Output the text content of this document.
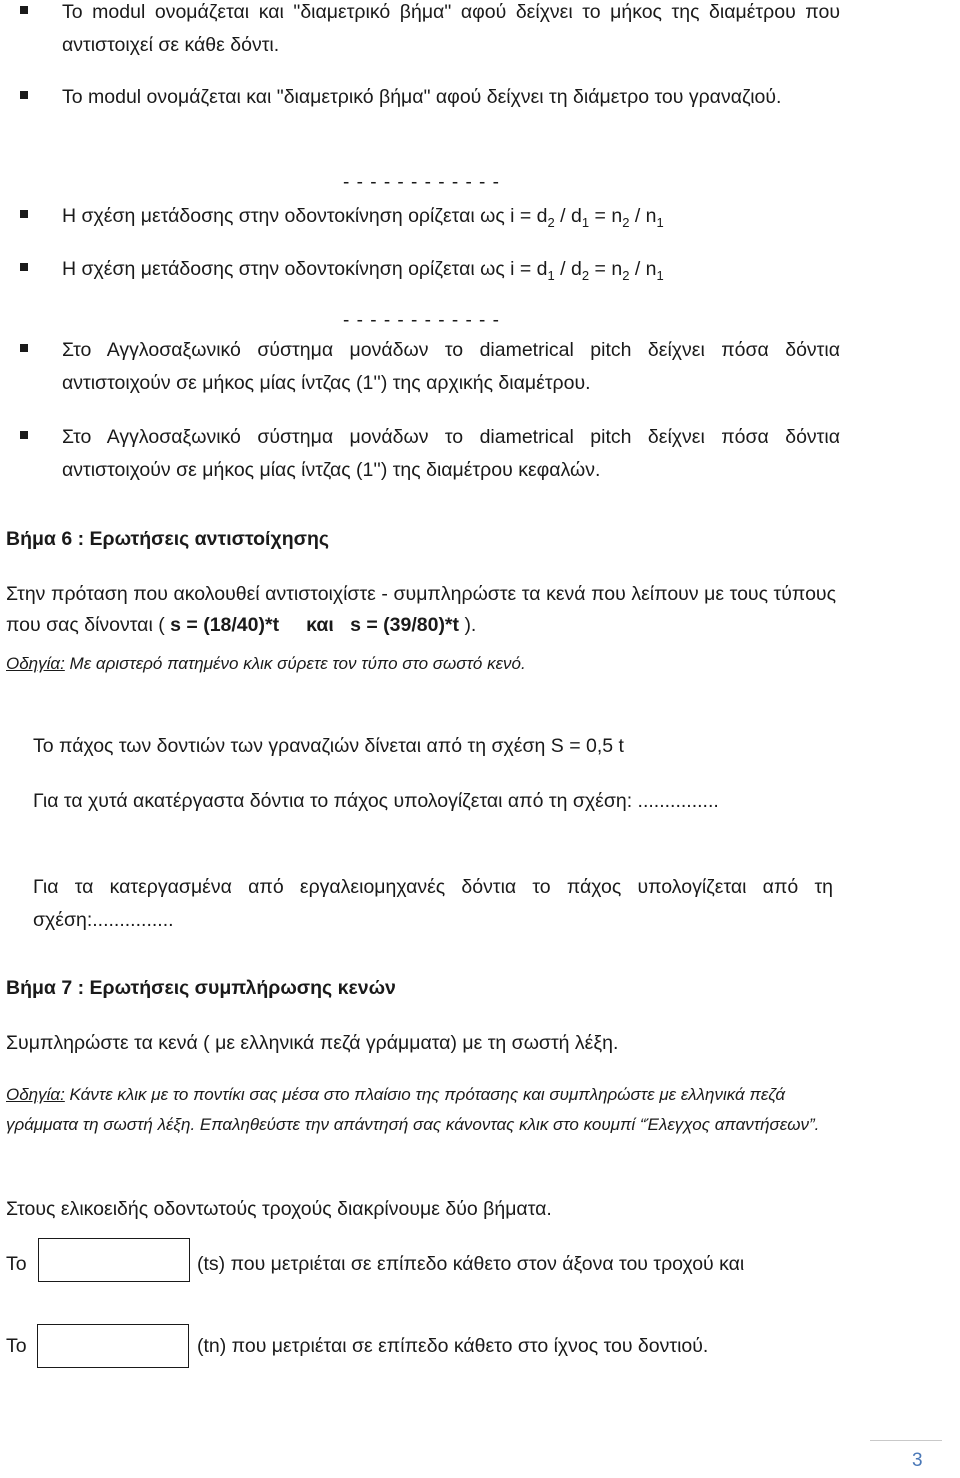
Το modul ονομάζεται και "διαμετρικό βήμα" αφού δείχνει το μήκος της διαμέτρου που αντιστοιχεί σε κάθε δόντι.
Το modul ονομάζεται και "διαμετρικό βήμα" αφού δείχνει τη διάμετρο του γραναζιού.
- - - - - - - - - - - -
Η σχέση μετάδοσης στην οδοντοκίνηση ορίζεται ως $i = d_2 / d_1 = n_2 / n_1$
Η σχέση μετάδοσης στην οδοντοκίνηση ορίζεται ως $i = d_1 / d_2 = n_2 / n_1$
- - - - - - - - - - - -
Στο Αγγλοσαξωνικό σύστημα μονάδων το diametrical pitch δείχνει πόσα δόντια αντιστοιχούν σε μήκος μίας ίντζας (1'') της αρχικής διαμέτρου.
Στο Αγγλοσαξωνικό σύστημα μονάδων το diametrical pitch δείχνει πόσα δόντια αντιστοιχούν σε μήκος μίας ίντζας (1'') της διαμέτρου κεφαλών.
Βήμα 6 : Ερωτήσεις αντιστοίχησης
Στην πρόταση που ακολουθεί αντιστοιχίστε - συμπληρώστε τα κενά που λείπουν με τους τύπους που σας δίνονται ( s = (18/40)*t και s = (39/80)*t ).
Οδηγία: Με αριστερό πατημένο κλικ σύρετε τον τύπο στο σωστό κενό.
Το πάχος των δοντιών των γραναζιών δίνεται από τη σχέση S = 0,5 t
Για τα χυτά ακατέργαστα δόντια το πάχος υπολογίζεται από τη σχέση: ...............
Για τα κατεργασμένα από εργαλειομηχανές δόντια το πάχος υπολογίζεται από τη σχέση:...............
Βήμα 7 : Ερωτήσεις συμπλήρωσης κενών
Συμπληρώστε τα κενά ( με ελληνικά πεζά γράμματα) με τη σωστή λέξη.
Οδηγία: Κάντε κλικ με το ποντίκι σας μέσα στο πλαίσιο της πρότασης και συμπληρώστε με ελληνικά πεζά γράμματα τη σωστή λέξη. Επαληθεύστε την απάντησή σας κάνοντας κλικ στο κουμπί “Έλεγχος απαντήσεων”.
Στους ελικοειδής οδοντωτούς τροχούς διακρίνουμε δύο βήματα.
Το	(ts) που μετριέται σε επίπεδο κάθετο στον άξονα του τροχού και
Το	(tn) που μετριέται σε επίπεδο κάθετο στο ίχνος του δοντιού.
3
